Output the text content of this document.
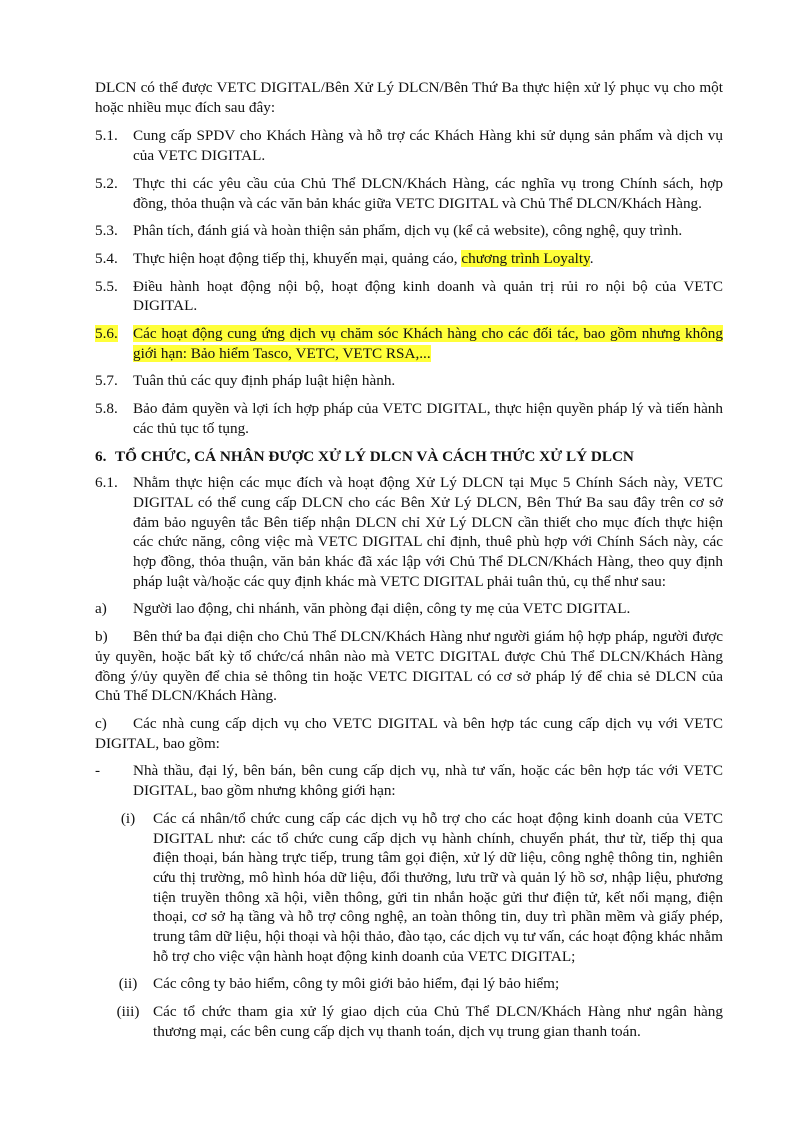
DLCN có thể được VETC DIGITAL/Bên Xử Lý DLCN/Bên Thứ Ba thực hiện xử lý phục vụ cho một hoặc nhiều mục đích sau đây:

5.1.	Cung cấp SPDV cho Khách Hàng và hỗ trợ các Khách Hàng khi sử dụng sản phẩm và dịch vụ của VETC DIGITAL.
5.2.	Thực thi các yêu cầu của Chủ Thể DLCN/Khách Hàng, các nghĩa vụ trong Chính sách, hợp đồng, thỏa thuận và các văn bản khác giữa VETC DIGITAL và Chủ Thể DLCN/Khách Hàng.
5.3.	Phân tích, đánh giá và hoàn thiện sản phẩm, dịch vụ (kể cả website), công nghệ, quy trình.
5.4.	Thực hiện hoạt động tiếp thị, khuyến mại, quảng cáo, chương trình Loyalty.
5.5.	Điều hành hoạt động nội bộ, hoạt động kinh doanh và quản trị rủi ro nội bộ của VETC DIGITAL.
5.6.	Các hoạt động cung ứng dịch vụ chăm sóc Khách hàng cho các đối tác, bao gồm nhưng không giới hạn: Bảo hiểm Tasco, VETC, VETC RSA,...
5.7.	Tuân thủ các quy định pháp luật hiện hành.
5.8.	Bảo đảm quyền và lợi ích hợp pháp của VETC DIGITAL, thực hiện quyền pháp lý và tiến hành các thủ tục tố tụng.
6. TỔ CHỨC, CÁ NHÂN ĐƯỢC XỬ LÝ DLCN VÀ CÁCH THỨC XỬ LÝ DLCN
6.1.	Nhằm thực hiện các mục đích và hoạt động Xử Lý DLCN tại Mục 5 Chính Sách này, VETC DIGITAL có thể cung cấp DLCN cho các Bên Xử Lý DLCN, Bên Thứ Ba sau đây trên cơ sở đảm bảo nguyên tắc Bên tiếp nhận DLCN chỉ Xử Lý DLCN cần thiết cho mục đích thực hiện các chức năng, công việc mà VETC DIGITAL chỉ định, thuê phù hợp với Chính Sách này, các hợp đồng, thỏa thuận, văn bản khác đã xác lập với Chủ Thể DLCN/Khách Hàng, theo quy định pháp luật và/hoặc các quy định khác mà VETC DIGITAL phải tuân thủ, cụ thể như sau:
a)	Người lao động, chi nhánh, văn phòng đại diện, công ty mẹ của VETC DIGITAL.

b) Bên thứ ba đại diện cho Chủ Thể DLCN/Khách Hàng như người giám hộ hợp pháp, người được ủy quyền, hoặc bất kỳ tổ chức/cá nhân nào mà VETC DIGITAL được Chủ Thể DLCN/Khách Hàng đồng ý/ủy quyền để chia sẻ thông tin hoặc VETC DIGITAL có cơ sở pháp lý để chia sẻ DLCN của Chủ Thể DLCN/Khách Hàng.

c) Các nhà cung cấp dịch vụ cho VETC DIGITAL và bên hợp tác cung cấp dịch vụ với VETC DIGITAL, bao gồm:

-	Nhà thầu, đại lý, bên bán, bên cung cấp dịch vụ, nhà tư vấn, hoặc các bên hợp tác với VETC DIGITAL, bao gồm nhưng không giới hạn:
(i)	Các cá nhân/tổ chức cung cấp các dịch vụ hỗ trợ cho các hoạt động kinh doanh của VETC DIGITAL như: các tổ chức cung cấp dịch vụ hành chính, chuyển phát, thư từ, tiếp thị qua điện thoại, bán hàng trực tiếp, trung tâm gọi điện, xử lý dữ liệu, công nghệ thông tin, nghiên cứu thị trường, mô hình hóa dữ liệu, đổi thưởng, lưu trữ và quản lý hồ sơ, nhập liệu, phương tiện truyền thông xã hội, viễn thông, gửi tin nhắn hoặc gửi thư điện tử, kết nối mạng, điện thoại, cơ sở hạ tầng và hỗ trợ công nghệ, an toàn thông tin, duy trì phần mềm và giấy phép, trung tâm dữ liệu, hội thoại và hội thảo, đào tạo, các dịch vụ tư vấn, các hoạt động khác nhằm hỗ trợ cho việc vận hành hoạt động kinh doanh của VETC DIGITAL;
(ii)	Các công ty bảo hiểm, công ty môi giới bảo hiểm, đại lý bảo hiểm;
(iii) Các tổ chức tham gia xử lý giao dịch của Chủ Thể DLCN/Khách Hàng như ngân hàng thương mại, các bên cung cấp dịch vụ thanh toán, dịch vụ trung gian thanh toán.
